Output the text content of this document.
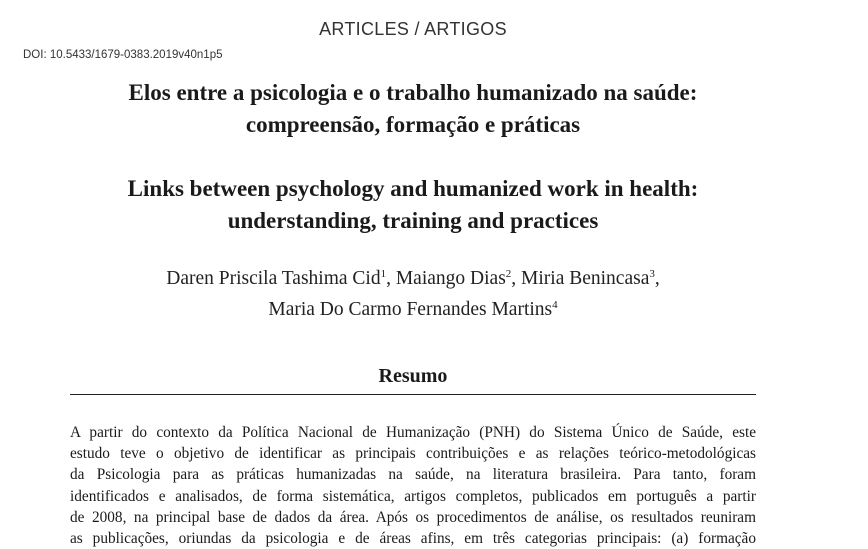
ARTICLES / ARTIGOS
DOI: 10.5433/1679-0383.2019v40n1p5
Elos entre a psicologia e o trabalho humanizado na saúde:
compreensão, formação e práticas
Links between psychology and humanized work in health:
understanding, training and practices
Daren Priscila Tashima Cid$^1$, Maiango Dias$^2$, Miria Benincasa$^3$,
Maria Do Carmo Fernandes Martins$^4$
Resumo
A partir do contexto da Política Nacional de Humanização (PNH) do Sistema Único de Saúde, este
estudo teve o objetivo de identificar as principais contribuições e as relações teórico-metodológicas
da Psicologia para as práticas humanizadas na saúde, na literatura brasileira. Para tanto, foram
identificados e analisados, de forma sistemática, artigos completos, publicados em português a partir
de 2008, na principal base de dados da área. Após os procedimentos de análise, os resultados reuniram
as publicações, oriundas da psicologia e de áreas afins, em três categorias principais: (a) formação
